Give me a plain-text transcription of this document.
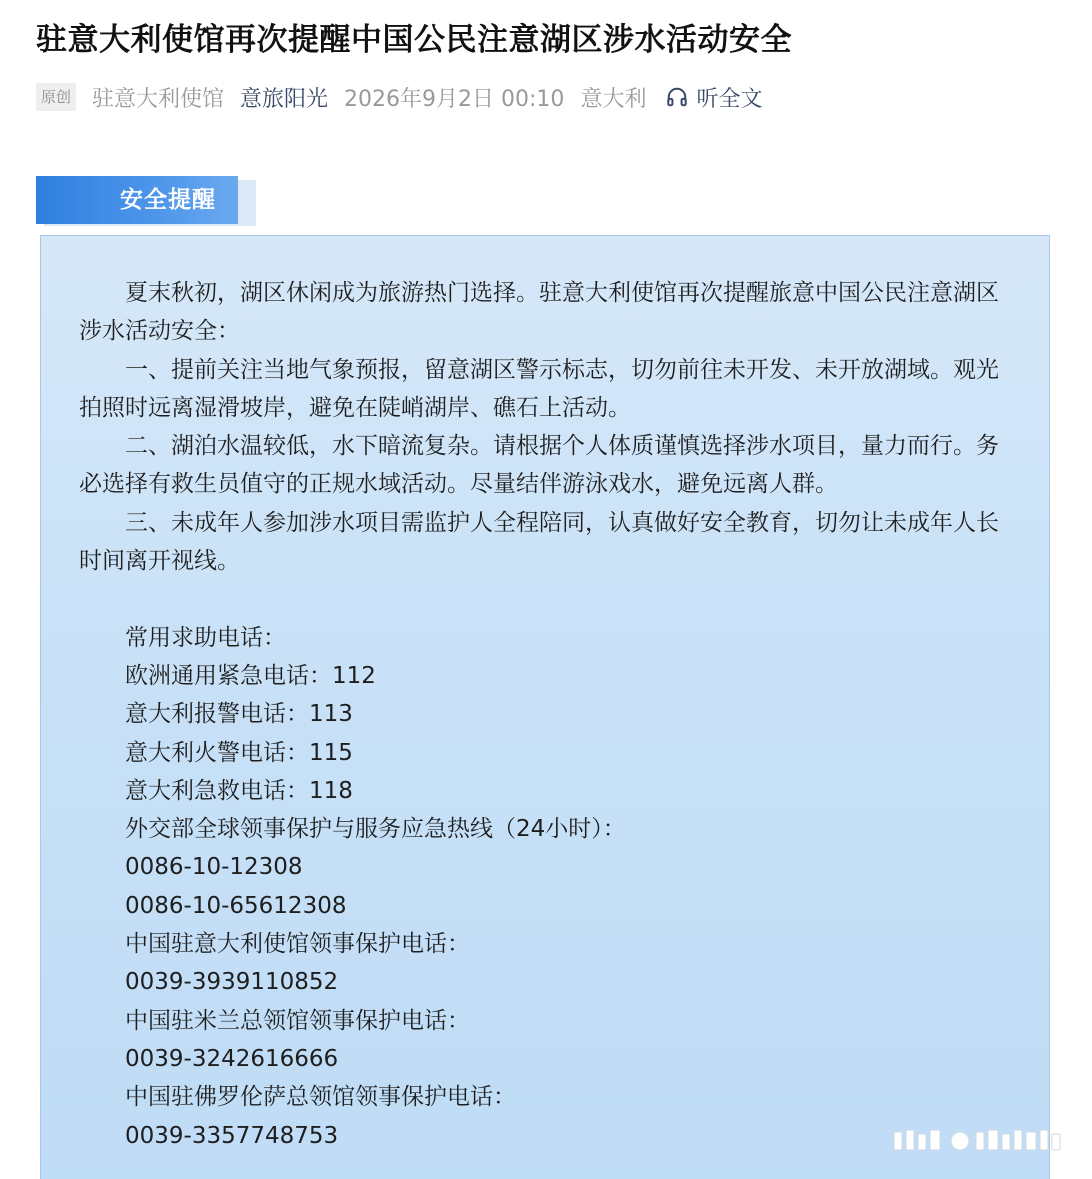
驻意大利使馆再次提醒中国公民注意湖区涉水活动安全
原创 驻意大利使馆 意旅阳光 2026年9月2日 00:10 意大利 听全文
安全提醒

夏末秋初，湖区休闲成为旅游热门选择。驻意大利使馆再次提醒旅意中国公民注意湖区涉水活动安全：

一、提前关注当地气象预报，留意湖区警示标志，切勿前往未开发、未开放湖域。观光拍照时远离湿滑坡岸，避免在陡峭湖岸、礁石上活动。

二、湖泊水温较低，水下暗流复杂。请根据个人体质谨慎选择涉水项目，量力而行。务必选择有救生员值守的正规水域活动。尽量结伴游泳戏水，避免远离人群。

三、未成年人参加涉水项目需监护人全程陪同，认真做好安全教育，切勿让未成年人长时间离开视线。

常用求助电话：
欧洲通用紧急电话：112
意大利报警电话：113
意大利火警电话：115
意大利急救电话：118
外交部全球领事保护与服务应急热线（24小时）：
0086-10-12308
0086-10-65612308
中国驻意大利使馆领事保护电话：
0039-3939110852
中国驻米兰总领馆领事保护电话：
0039-3242616666
中国驻佛罗伦萨总领馆领事保护电话：
0039-3357748753
